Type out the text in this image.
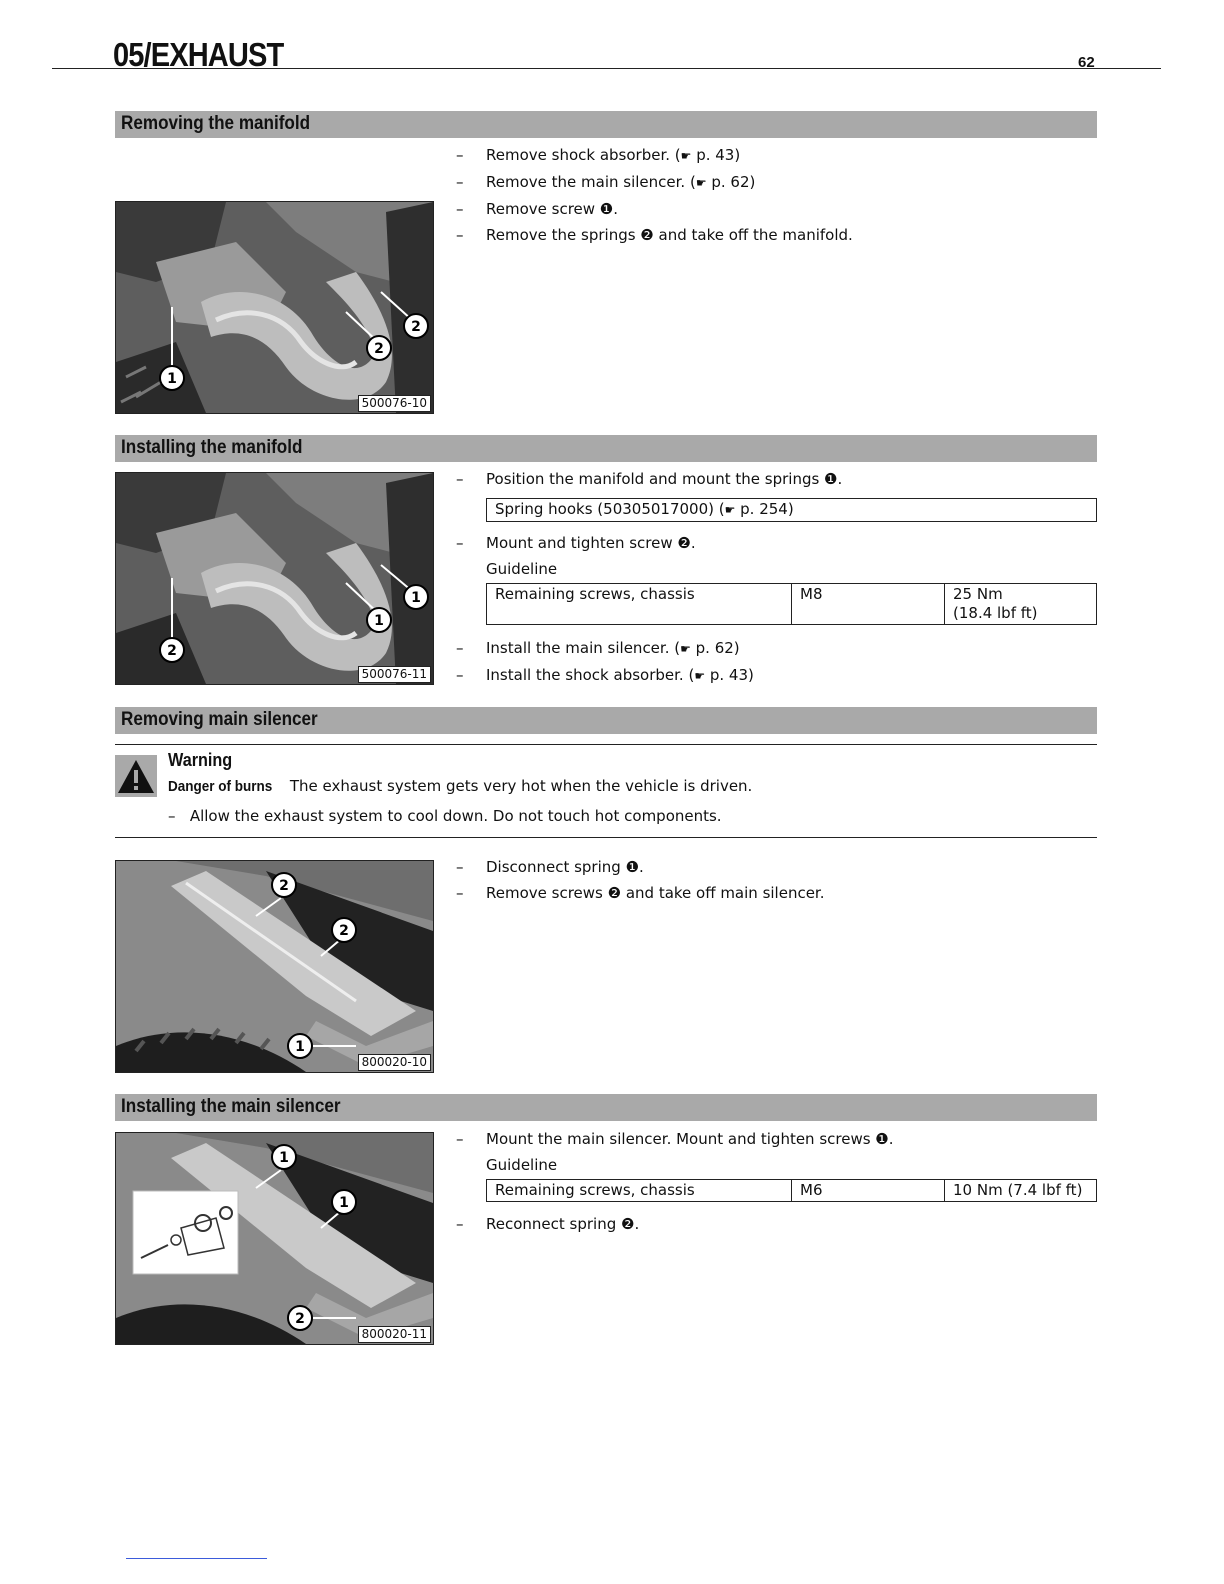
05/EXHAUST	62
Removing the manifold
2
2
1
500076-10
– Remove shock absorber. (☛ p. 43)
– Remove the main silencer. (☛ p. 62)
– Remove screw ❶.
– Remove the springs ❷ and take off the manifold.
Installing the manifold
1
1
2
500076-11
– Position the manifold and mount the springs ❶.
Spring hooks (50305017000) (☛ p. 254)
– Mount and tighten screw ❷.
Guideline
Remaining screws, chassis	M8	25 Nm
(18.4 lbf ft)
– Install the main silencer. (☛ p. 62)
– Install the shock absorber. (☛ p. 43)
Removing main silencer
Warning
Danger of burns The exhaust system gets very hot when the vehicle is driven.
– Allow the exhaust system to cool down. Do not touch hot components.
2
2
1
800020-10
– Disconnect spring ❶.
– Remove screws ❷ and take off main silencer.
Installing the main silencer
1
1
2
800020-11
– Mount the main silencer. Mount and tighten screws ❶.
Guideline
Remaining screws, chassis	M6	10 Nm (7.4 lbf ft)
– Reconnect spring ❷.
